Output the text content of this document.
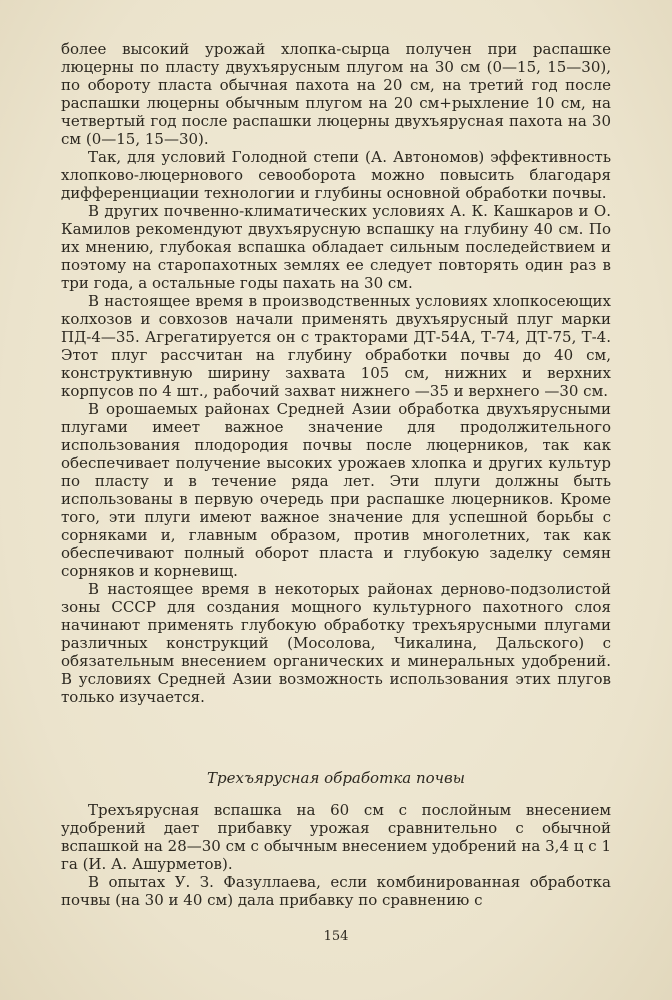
более высокий урожай хлопка-сырца получен при распашке люцерны по пласту двухъярусным плугом на 30 см (0—15, 15—30), по обороту пласта обычная пахота на 20 см, на третий год после распашки люцерны обычным плугом на 20 см+рыхление 10 см, на четвертый год после распашки люцерны двухъярусная пахота на 30 см (0—15, 15—30).

Так, для условий Голодной степи (А. Автономов) эффективность хлопково-люцернового севооборота можно повысить благодаря дифференциации технологии и глубины основной обработки почвы.

В других почвенно-климатических условиях А. К. Кашкаров и О. Камилов рекомендуют двухъярусную вспашку на глубину 40 см. По их мнению, глубокая вспашка обладает сильным последействием и поэтому на старопахотных землях ее следует повторять один раз в три года, а остальные годы пахать на 30 см.

В настоящее время в производственных условиях хлопкосеющих колхозов и совхозов начали применять двухъярусный плуг марки ПД-4—35. Агрегатируется он с тракторами ДТ-54А, Т-74, ДТ-75, Т-4. Этот плуг рассчитан на глубину обработки почвы до 40 см, конструктивную ширину захвата 105 см, нижних и верхних корпусов по 4 шт., рабочий захват нижнего —35 и верхнего —30 см.

В орошаемых районах Средней Азии обработка двухъярусными плугами имеет важное значение для продолжительного использования плодородия почвы после люцерников, так как обеспечивает получение высоких урожаев хлопка и других культур по пласту и в течение ряда лет. Эти плуги должны быть использованы в первую очередь при распашке люцерников. Кроме того, эти плуги имеют важное значение для успешной борьбы с сорняками и, главным образом, против многолетних, так как обеспечивают полный оборот пласта и глубокую заделку семян сорняков и корневищ.

В настоящее время в некоторых районах дерново-подзолистой зоны СССР для создания мощного культурного пахотного слоя начинают применять глубокую обработку трехъярусными плугами различных конструкций (Мосолова, Чикалина, Дальского) с обязательным внесением органических и минеральных удобрений. В условиях Средней Азии возможность использования этих плугов только изучается.

Трехъярусная обработка почвы

Трехъярусная вспашка на 60 см с послойным внесением удобрений дает прибавку урожая сравнительно с обычной вспашкой на 28—30 см с обычным внесением удобрений на 3,4 ц с 1 га (И. А. Ашурметов).

В опытах У. З. Фазуллаева, если комбинированная обработка почвы (на 30 и 40 см) дала прибавку по сравнению с

154
